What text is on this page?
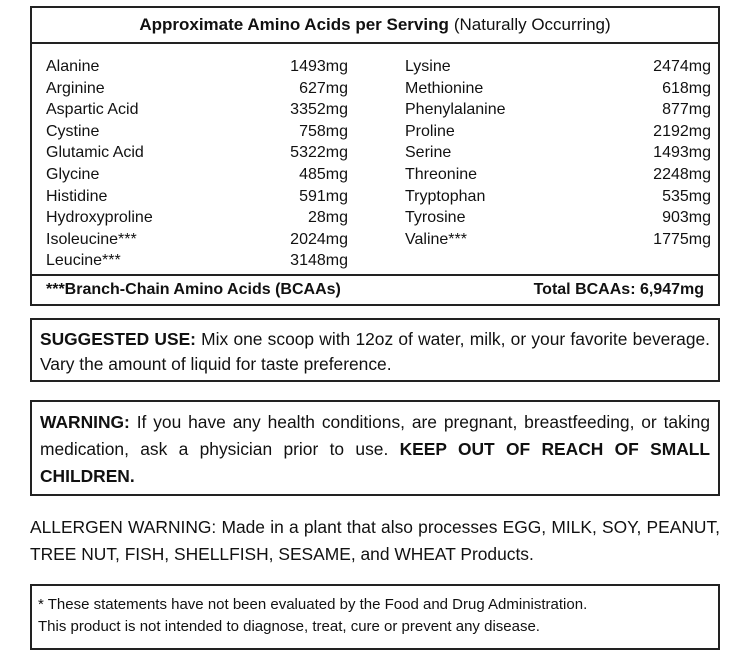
Approximate Amino Acids per Serving (Naturally Occurring)
Alanine	1493mg
Arginine	627mg
Aspartic Acid	3352mg
Cystine	758mg
Glutamic Acid	5322mg
Glycine	485mg
Histidine	591mg
Hydroxyproline	28mg
Isoleucine***	2024mg
Leucine***	3148mg
Lysine	2474mg
Methionine	618mg
Phenylalanine	877mg
Proline	2192mg
Serine	1493mg
Threonine	2248mg
Tryptophan	535mg
Tyrosine	903mg
Valine***	1775mg
***Branch-Chain Amino Acids (BCAAs)	Total BCAAs: 6,947mg
SUGGESTED USE: Mix one scoop with 12oz of water, milk, or your favorite beverage. Vary the amount of liquid for taste preference.
WARNING: If you have any health conditions, are pregnant, breastfeeding, or taking medication, ask a physician prior to use. KEEP OUT OF REACH OF SMALL CHILDREN.
ALLERGEN WARNING: Made in a plant that also processes EGG, MILK, SOY, PEANUT, TREE NUT, FISH, SHELLFISH, SESAME, and WHEAT Products.
* These statements have not been evaluated by the Food and Drug Administration.
This product is not intended to diagnose, treat, cure or prevent any disease.
